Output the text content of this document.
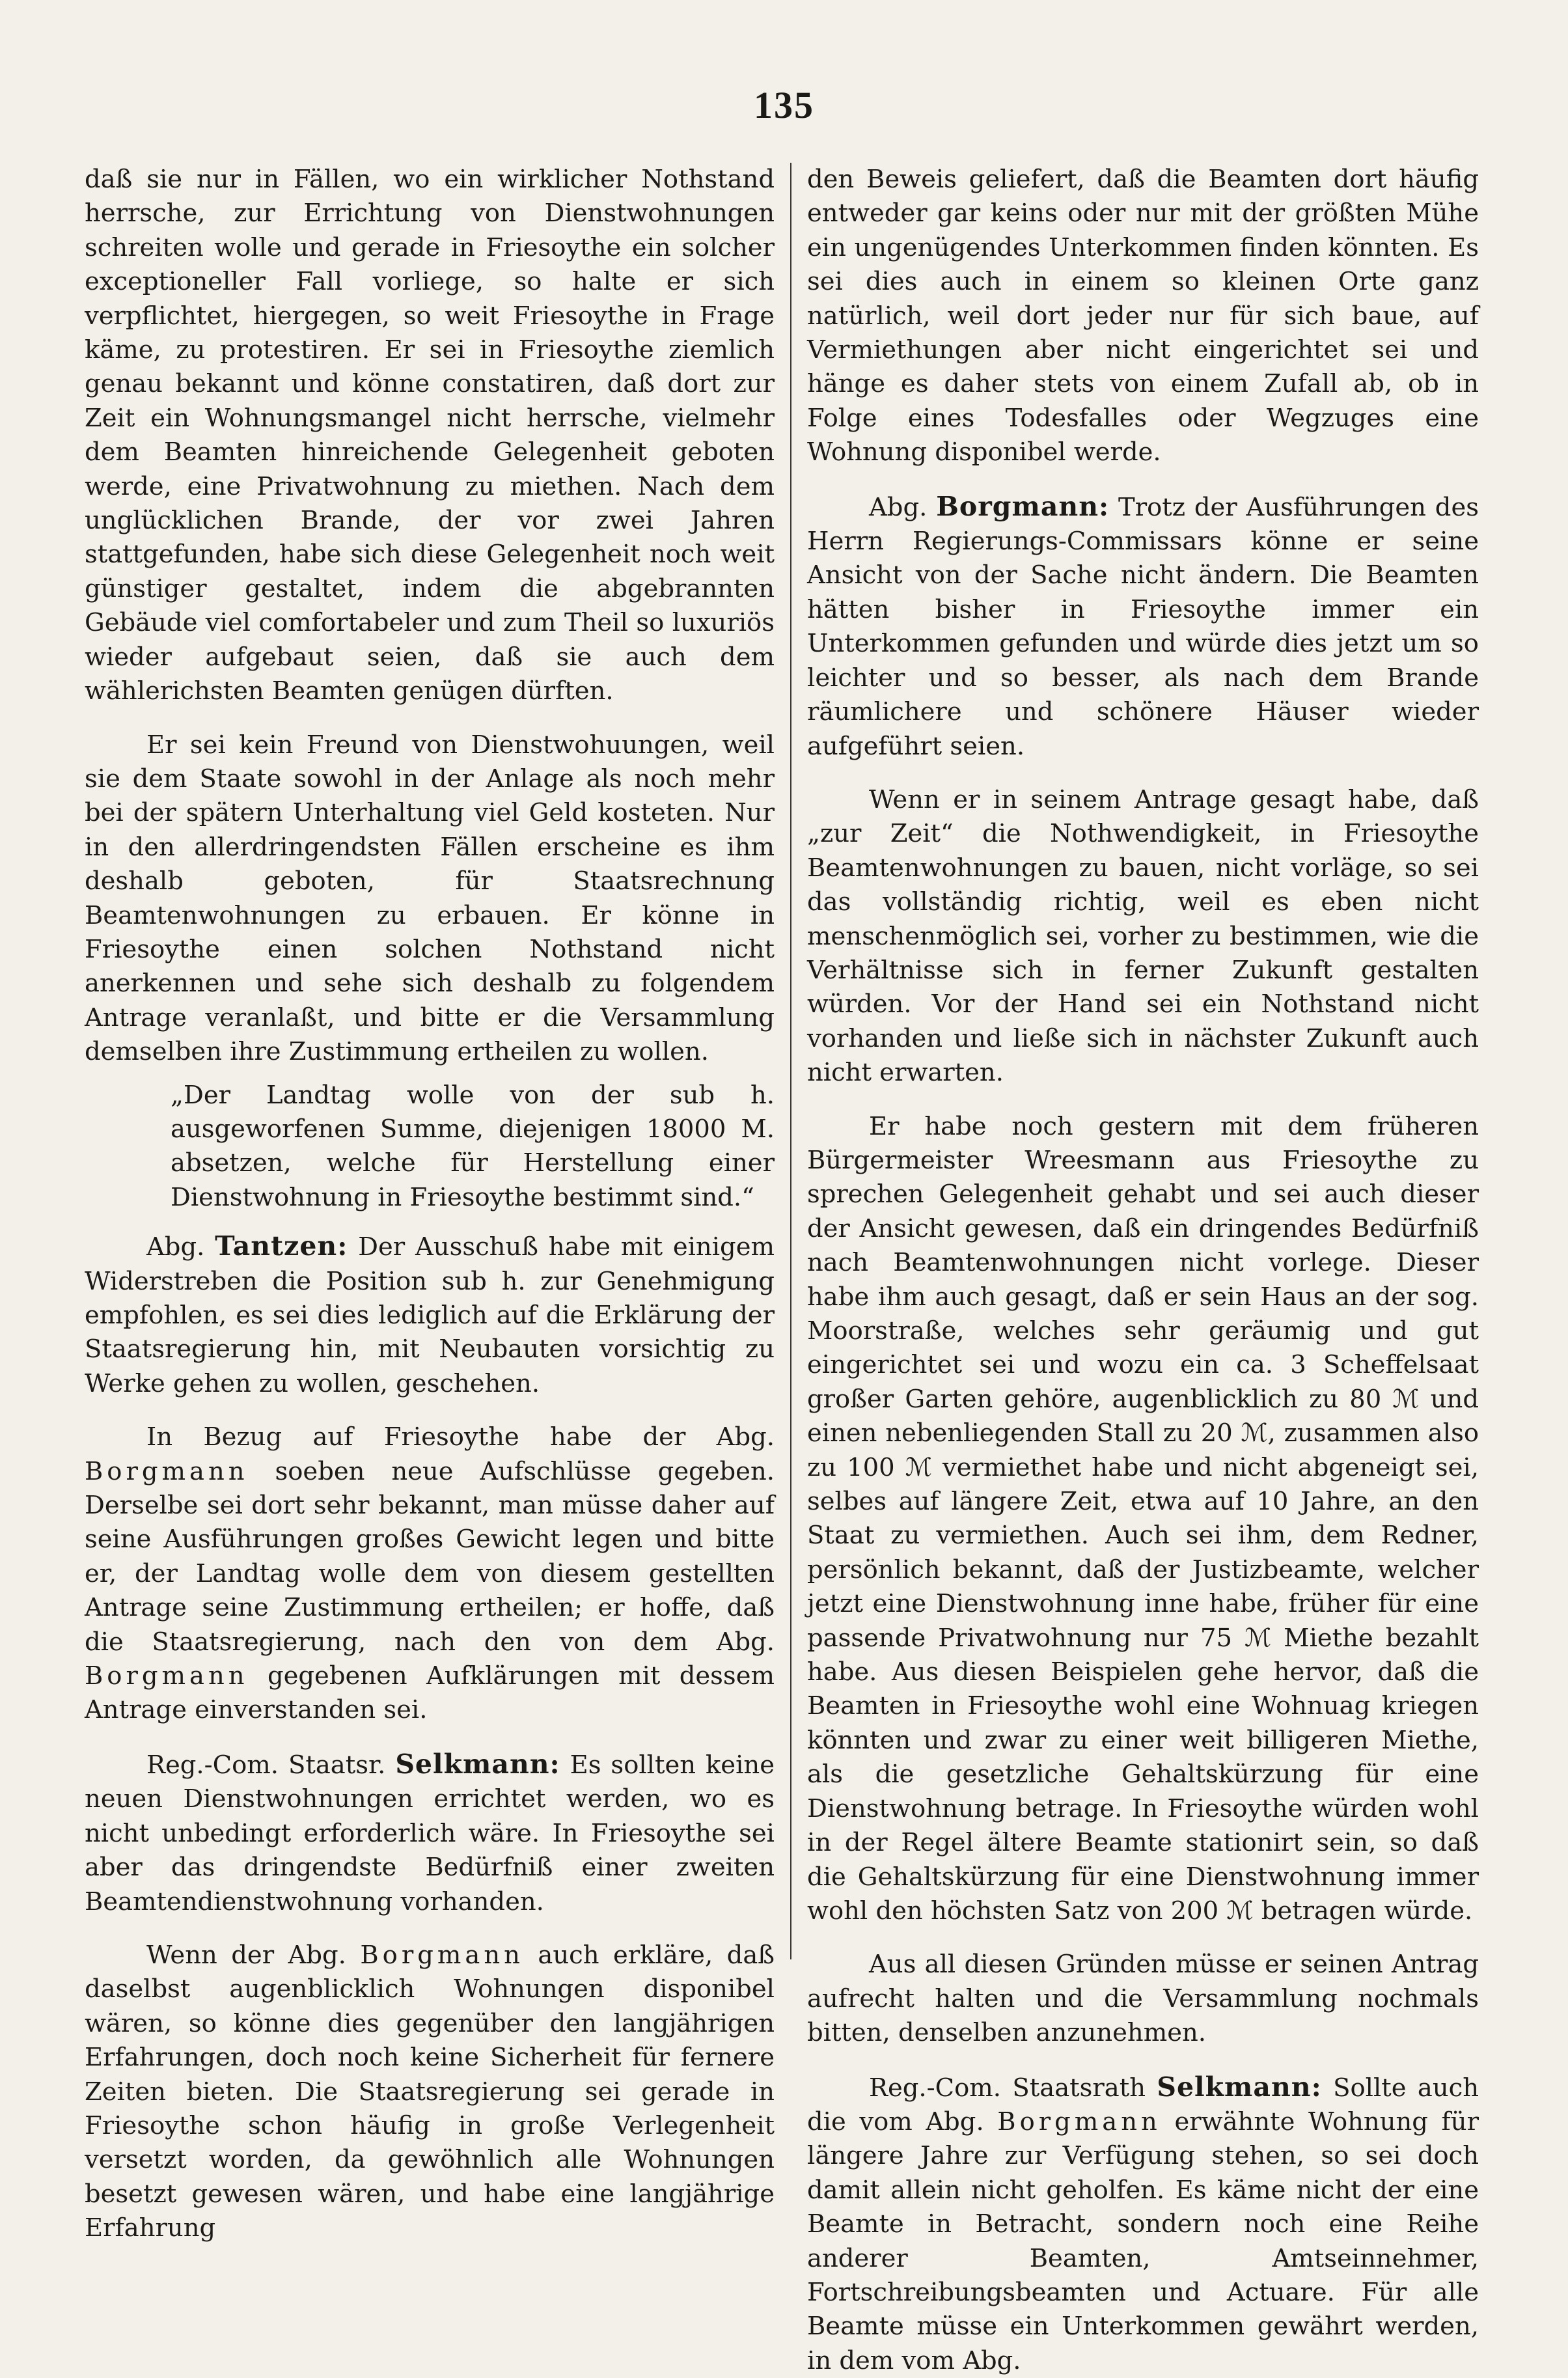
135

daß sie nur in Fällen, wo ein wirklicher Nothstand herrsche, zur Errichtung von Dienstwohnungen schreiten wolle und gerade in Friesoythe ein solcher exceptioneller Fall vorliege, so halte er sich verpflichtet, hiergegen, so weit Friesoythe in Frage käme, zu protestiren. Er sei in Friesoythe ziemlich genau bekannt und könne constatiren, daß dort zur Zeit ein Wohnungsmangel nicht herrsche, vielmehr dem Beamten hinreichende Gelegenheit geboten werde, eine Privatwohnung zu miethen. Nach dem unglücklichen Brande, der vor zwei Jahren stattgefunden, habe sich diese Gelegenheit noch weit günstiger gestaltet, indem die abgebrannten Gebäude viel comfortabeler und zum Theil so luxuriös wieder aufgebaut seien, daß sie auch dem wählerichsten Beamten genügen dürften.

Er sei kein Freund von Dienstwohuungen, weil sie dem Staate sowohl in der Anlage als noch mehr bei der spätern Unterhaltung viel Geld kosteten. Nur in den allerdringendsten Fällen erscheine es ihm deshalb geboten, für Staatsrechnung Beamtenwohnungen zu erbauen. Er könne in Friesoythe einen solchen Nothstand nicht anerkennen und sehe sich deshalb zu folgendem Antrage veranlaßt, und bitte er die Versammlung demselben ihre Zustimmung ertheilen zu wollen.

„Der Landtag wolle von der sub h. ausgeworfenen Summe, diejenigen 18000 M. absetzen, welche für Herstellung einer Dienstwohnung in Friesoythe bestimmt sind.“

Abg. Tantzen: Der Ausschuß habe mit einigem Widerstreben die Position sub h. zur Genehmigung empfohlen, es sei dies lediglich auf die Erklärung der Staatsregierung hin, mit Neubauten vorsichtig zu Werke gehen zu wollen, geschehen.

In Bezug auf Friesoythe habe der Abg. Borgmann soeben neue Aufschlüsse gegeben. Derselbe sei dort sehr bekannt, man müsse daher auf seine Ausführungen großes Gewicht legen und bitte er, der Landtag wolle dem von diesem gestellten Antrage seine Zustimmung ertheilen; er hoffe, daß die Staatsregierung, nach den von dem Abg. Borgmann gegebenen Aufklärungen mit dessem Antrage einverstanden sei.

Reg.-Com. Staatsr. Selkmann: Es sollten keine neuen Dienstwohnungen errichtet werden, wo es nicht unbedingt erforderlich wäre. In Friesoythe sei aber das dringendste Bedürfniß einer zweiten Beamtendienstwohnung vorhanden.

Wenn der Abg. Borgmann auch erkläre, daß daselbst augenblicklich Wohnungen disponibel wären, so könne dies gegenüber den langjährigen Erfahrungen, doch noch keine Sicherheit für fernere Zeiten bieten. Die Staatsregierung sei gerade in Friesoythe schon häufig in große Verlegenheit versetzt worden, da gewöhnlich alle Wohnungen besetzt gewesen wären, und habe eine langjährige Erfahrung

den Beweis geliefert, daß die Beamten dort häufig entweder gar keins oder nur mit der größten Mühe ein ungenügendes Unterkommen finden könnten. Es sei dies auch in einem so kleinen Orte ganz natürlich, weil dort jeder nur für sich baue, auf Vermiethungen aber nicht eingerichtet sei und hänge es daher stets von einem Zufall ab, ob in Folge eines Todesfalles oder Wegzuges eine Wohnung disponibel werde.

Abg. Borgmann: Trotz der Ausführungen des Herrn Regierungs-Commissars könne er seine Ansicht von der Sache nicht ändern. Die Beamten hätten bisher in Friesoythe immer ein Unterkommen gefunden und würde dies jetzt um so leichter und so besser, als nach dem Brande räumlichere und schönere Häuser wieder aufgeführt seien.

Wenn er in seinem Antrage gesagt habe, daß „zur Zeit“ die Nothwendigkeit, in Friesoythe Beamtenwohnungen zu bauen, nicht vorläge, so sei das vollständig richtig, weil es eben nicht menschenmöglich sei, vorher zu bestimmen, wie die Verhältnisse sich in ferner Zukunft gestalten würden. Vor der Hand sei ein Nothstand nicht vorhanden und ließe sich in nächster Zukunft auch nicht erwarten.

Er habe noch gestern mit dem früheren Bürgermeister Wreesmann aus Friesoythe zu sprechen Gelegenheit gehabt und sei auch dieser der Ansicht gewesen, daß ein dringendes Bedürfniß nach Beamtenwohnungen nicht vorlege. Dieser habe ihm auch gesagt, daß er sein Haus an der sog. Moorstraße, welches sehr geräumig und gut eingerichtet sei und wozu ein ca. 3 Scheffelsaat großer Garten gehöre, augenblicklich zu 80 ℳ und einen nebenliegenden Stall zu 20 ℳ, zusammen also zu 100 ℳ vermiethet habe und nicht abgeneigt sei, selbes auf längere Zeit, etwa auf 10 Jahre, an den Staat zu vermiethen. Auch sei ihm, dem Redner, persönlich bekannt, daß der Justizbeamte, welcher jetzt eine Dienstwohnung inne habe, früher für eine passende Privatwohnung nur 75 ℳ Miethe bezahlt habe. Aus diesen Beispielen gehe hervor, daß die Beamten in Friesoythe wohl eine Wohnuag kriegen könnten und zwar zu einer weit billigeren Miethe, als die gesetzliche Gehaltskürzung für eine Dienstwohnung betrage. In Friesoythe würden wohl in der Regel ältere Beamte stationirt sein, so daß die Gehaltskürzung für eine Dienstwohnung immer wohl den höchsten Satz von 200 ℳ betragen würde.

Aus all diesen Gründen müsse er seinen Antrag aufrecht halten und die Versammlung nochmals bitten, denselben anzunehmen.

Reg.-Com. Staatsrath Selkmann: Sollte auch die vom Abg. Borgmann erwähnte Wohnung für längere Jahre zur Verfügung stehen, so sei doch damit allein nicht geholfen. Es käme nicht der eine Beamte in Betracht, sondern noch eine Reihe anderer Beamten, Amtseinnehmer, Fortschreibungsbeamten und Actuare. Für alle Beamte müsse ein Unterkommen gewährt werden, in dem vom Abg.
